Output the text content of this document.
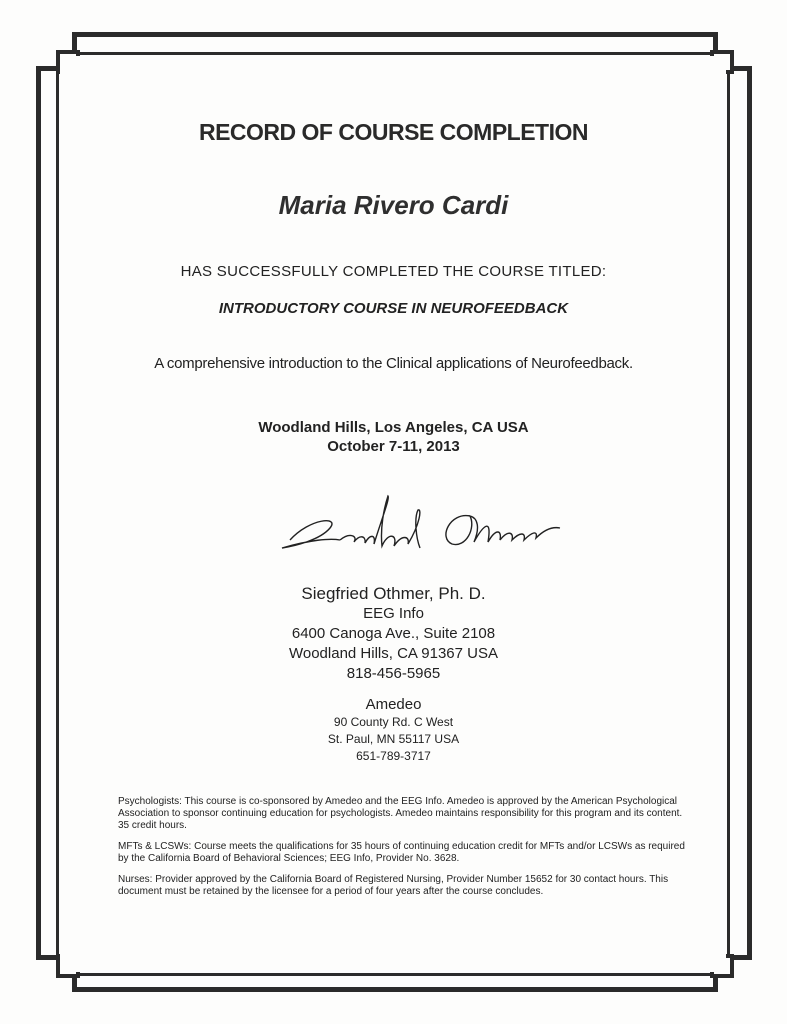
RECORD OF COURSE COMPLETION
Maria Rivero Cardi
HAS SUCCESSFULLY COMPLETED THE COURSE TITLED:
INTRODUCTORY COURSE IN NEUROFEEDBACK
A comprehensive introduction to the Clinical applications of Neurofeedback.
Woodland Hills, Los Angeles, CA USA
October 7-11, 2013
Siegfried Othmer, Ph. D.
EEG Info
6400 Canoga Ave., Suite 2108
Woodland Hills, CA 91367 USA
818-456-5965
Amedeo
90 County Rd. C West
St. Paul, MN 55117 USA
651-789-3717

Psychologists: This course is co-sponsored by Amedeo and the EEG Info. Amedeo is approved by the American Psychological Association to sponsor continuing education for psychologists. Amedeo maintains responsibility for this program and its content. 35 credit hours.

MFTs & LCSWs: Course meets the qualifications for 35 hours of continuing education credit for MFTs and/or LCSWs as required by the California Board of Behavioral Sciences; EEG Info, Provider No. 3628.

Nurses: Provider approved by the California Board of Registered Nursing, Provider Number 15652 for 30 contact hours. This document must be retained by the licensee for a period of four years after the course concludes.
